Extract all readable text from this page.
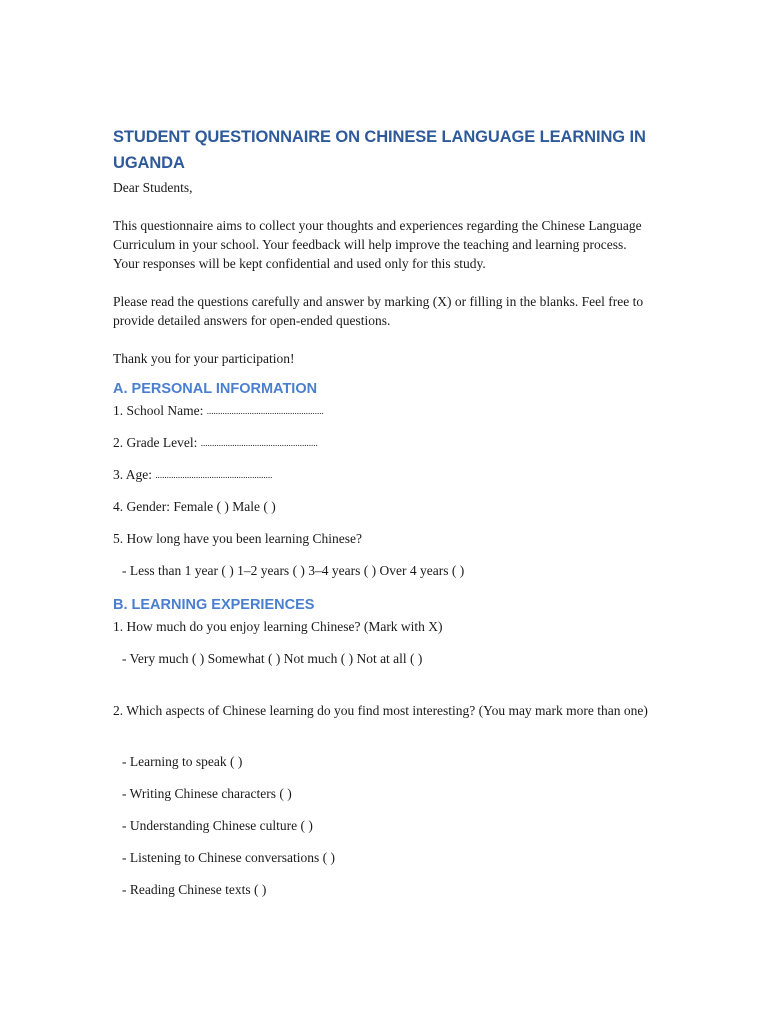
STUDENT QUESTIONNAIRE ON CHINESE LANGUAGE LEARNING IN UGANDA

Dear Students,

This questionnaire aims to collect your thoughts and experiences regarding the Chinese Language Curriculum in your school. Your feedback will help improve the teaching and learning process. Your responses will be kept confidential and used only for this study.

Please read the questions carefully and answer by marking (X) or filling in the blanks. Feel free to provide detailed answers for open-ended questions.

Thank you for your participation!

A. PERSONAL INFORMATION

1. School Name: ....................................................

2. Grade Level: ....................................................

3. Age: ....................................................

4. Gender: Female ( ) Male ( )

5. How long have you been learning Chinese?

- Less than 1 year ( ) 1–2 years ( ) 3–4 years ( ) Over 4 years ( )

B. LEARNING EXPERIENCES

1. How much do you enjoy learning Chinese? (Mark with X)

- Very much ( ) Somewhat ( ) Not much ( ) Not at all ( )

2. Which aspects of Chinese learning do you find most interesting? (You may mark more than one)

- Learning to speak ( )

- Writing Chinese characters ( )

- Understanding Chinese culture ( )

- Listening to Chinese conversations ( )

- Reading Chinese texts ( )
